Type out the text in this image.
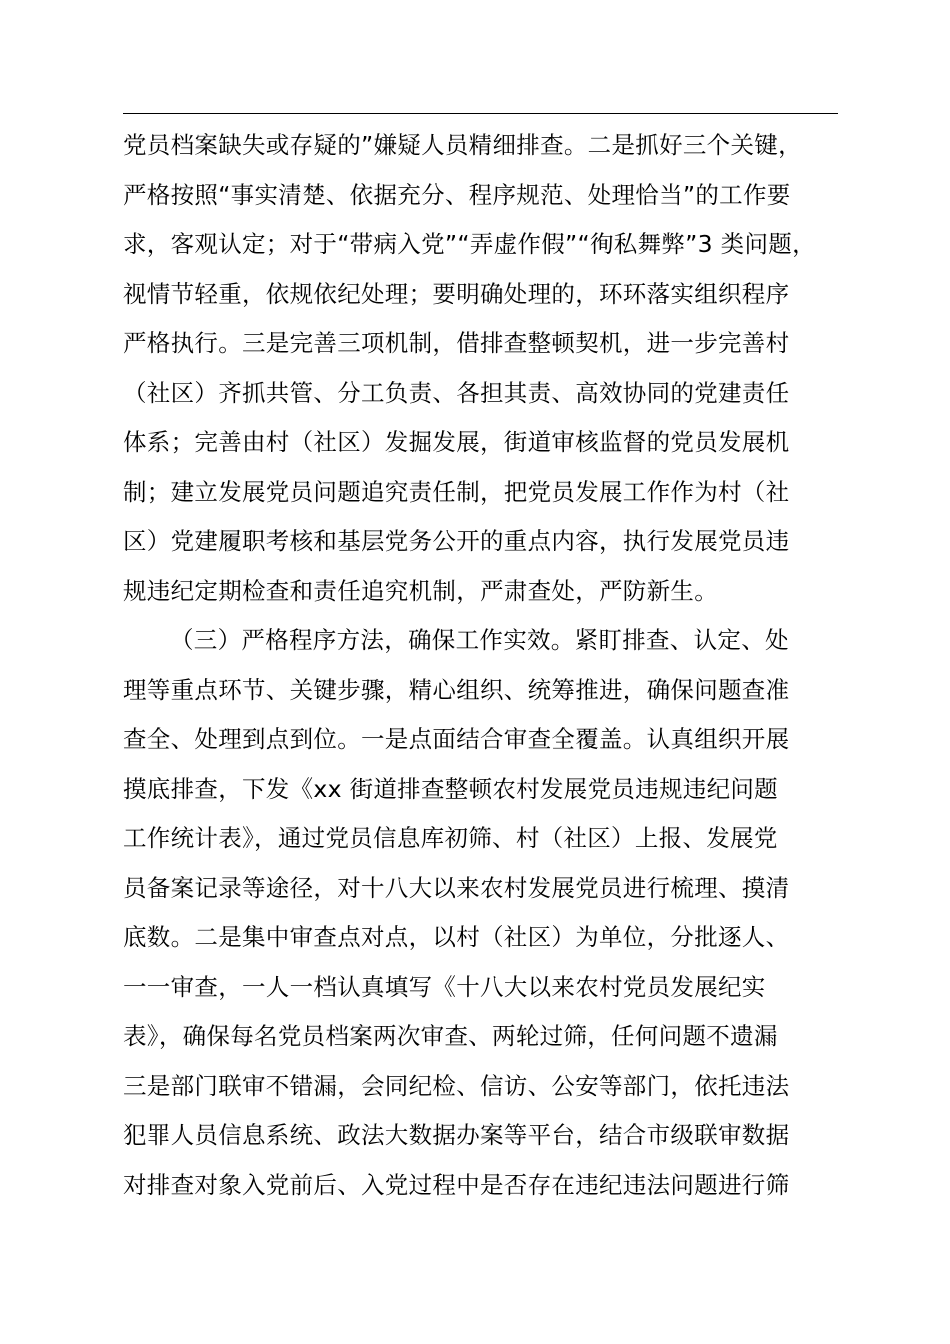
党员档案缺失或存疑的”嫌疑人员精细排查。二是抓好三个关键，
严格按照“事实清楚、依据充分、程序规范、处理恰当”的工作要
求，客观认定；对于“带病入党”“弄虚作假”“徇私舞弊”3 类问题，
视情节轻重，依规依纪处理；要明确处理的，环环落实组织程序
严格执行。三是完善三项机制，借排查整顿契机，进一步完善村
（社区）齐抓共管、分工负责、各担其责、高效协同的党建责任
体系；完善由村（社区）发掘发展，街道审核监督的党员发展机
制；建立发展党员问题追究责任制，把党员发展工作作为村（社
区）党建履职考核和基层党务公开的重点内容，执行发展党员违
规违纪定期检查和责任追究机制，严肃查处，严防新生。
（三）严格程序方法，确保工作实效。紧盯排查、认定、处
理等重点环节、关键步骤，精心组织、统筹推进，确保问题查准
查全、处理到点到位。一是点面结合审查全覆盖。认真组织开展
摸底排查，下发《xx 街道排查整顿农村发展党员违规违纪问题
工作统计表》，通过党员信息库初筛、村（社区）上报、发展党
员备案记录等途径，对十八大以来农村发展党员进行梳理、摸清
底数。二是集中审查点对点，以村（社区）为单位，分批逐人、
一一审查，一人一档认真填写《十八大以来农村党员发展纪实
表》，确保每名党员档案两次审查、两轮过筛，任何问题不遗漏
三是部门联审不错漏，会同纪检、信访、公安等部门，依托违法
犯罪人员信息系统、政法大数据办案等平台，结合市级联审数据
对排查对象入党前后、入党过程中是否存在违纪违法问题进行筛
